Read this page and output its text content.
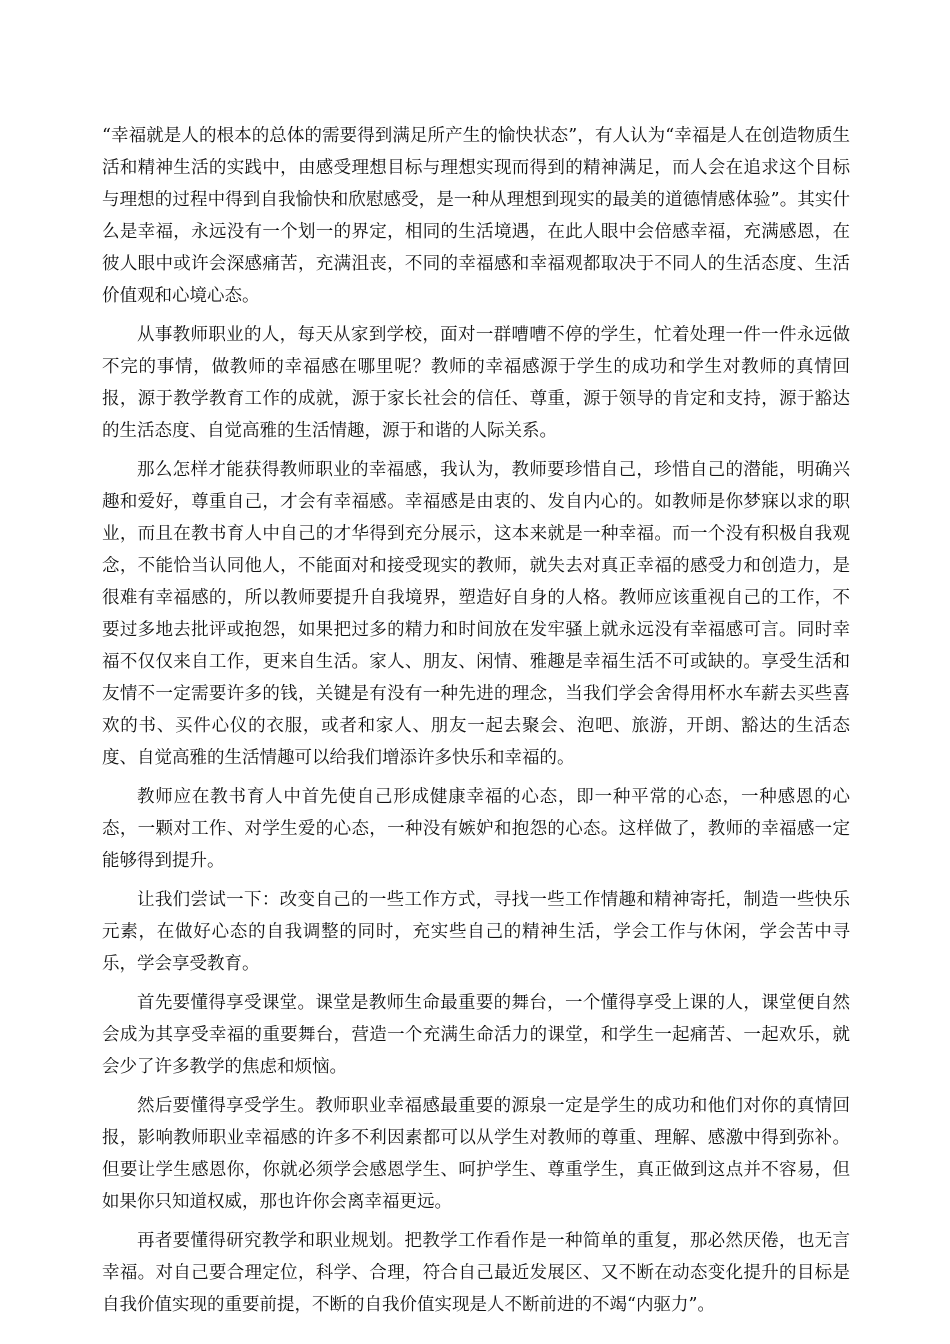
“幸福就是人的根本的总体的需要得到满足所产生的愉快状态”，有人认为“幸福是人在创造物质生活和精神生活的实践中，由感受理想目标与理想实现而得到的精神满足，而人会在追求这个目标与理想的过程中得到自我愉快和欣慰感受，是一种从理想到现实的最美的道德情感体验”。其实什么是幸福，永远没有一个划一的界定，相同的生活境遇，在此人眼中会倍感幸福，充满感恩，在彼人眼中或许会深感痛苦，充满沮丧，不同的幸福感和幸福观都取决于不同人的生活态度、生活价值观和心境心态。

从事教师职业的人，每天从家到学校，面对一群嘈嘈不停的学生，忙着处理一件一件永远做不完的事情，做教师的幸福感在哪里呢？教师的幸福感源于学生的成功和学生对教师的真情回报，源于教学教育工作的成就，源于家长社会的信任、尊重，源于领导的肯定和支持，源于豁达的生活态度、自觉高雅的生活情趣，源于和谐的人际关系。

那么怎样才能获得教师职业的幸福感，我认为，教师要珍惜自己，珍惜自己的潜能，明确兴趣和爱好，尊重自己，才会有幸福感。幸福感是由衷的、发自内心的。如教师是你梦寐以求的职业，而且在教书育人中自己的才华得到充分展示，这本来就是一种幸福。而一个没有积极自我观念，不能恰当认同他人，不能面对和接受现实的教师，就失去对真正幸福的感受力和创造力，是很难有幸福感的，所以教师要提升自我境界，塑造好自身的人格。教师应该重视自己的工作，不要过多地去批评或抱怨，如果把过多的精力和时间放在发牢骚上就永远没有幸福感可言。同时幸福不仅仅来自工作，更来自生活。家人、朋友、闲情、雅趣是幸福生活不可或缺的。享受生活和友情不一定需要许多的钱，关键是有没有一种先进的理念，当我们学会舍得用杯水车薪去买些喜欢的书、买件心仪的衣服，或者和家人、朋友一起去聚会、泡吧、旅游，开朗、豁达的生活态度、自觉高雅的生活情趣可以给我们增添许多快乐和幸福的。

教师应在教书育人中首先使自己形成健康幸福的心态，即一种平常的心态，一种感恩的心态，一颗对工作、对学生爱的心态，一种没有嫉妒和抱怨的心态。这样做了，教师的幸福感一定能够得到提升。

让我们尝试一下：改变自己的一些工作方式，寻找一些工作情趣和精神寄托，制造一些快乐元素，在做好心态的自我调整的同时，充实些自己的精神生活，学会工作与休闲，学会苦中寻乐，学会享受教育。

首先要懂得享受课堂。课堂是教师生命最重要的舞台，一个懂得享受上课的人，课堂便自然会成为其享受幸福的重要舞台，营造一个充满生命活力的课堂，和学生一起痛苦、一起欢乐，就会少了许多教学的焦虑和烦恼。

然后要懂得享受学生。教师职业幸福感最重要的源泉一定是学生的成功和他们对你的真情回报，影响教师职业幸福感的许多不利因素都可以从学生对教师的尊重、理解、感激中得到弥补。但要让学生感恩你，你就必须学会感恩学生、呵护学生、尊重学生，真正做到这点并不容易，但如果你只知道权威，那也许你会离幸福更远。

再者要懂得研究教学和职业规划。把教学工作看作是一种简单的重复，那必然厌倦，也无言幸福。对自己要合理定位，科学、合理，符合自己最近发展区、又不断在动态变化提升的目标是自我价值实现的重要前提，不断的自我价值实现是人不断前进的不竭“内驱力”。
